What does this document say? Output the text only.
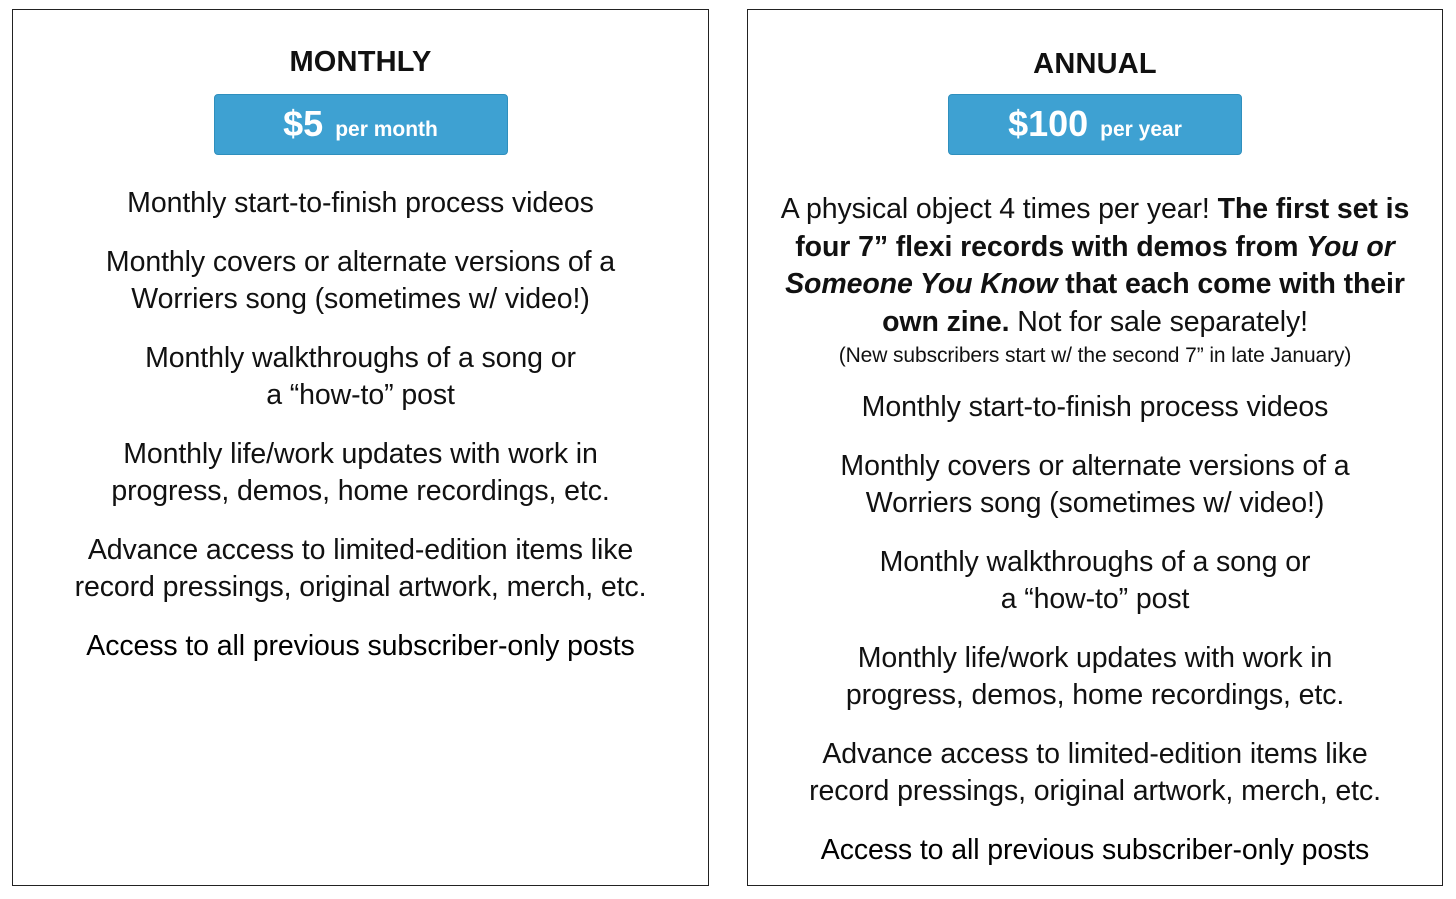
MONTHLY
$5 per month
Monthly start-to-finish process videos
Monthly covers or alternate versions of a
Worriers song (sometimes w/ video!)
Monthly walkthroughs of a song or
a “how-to” post
Monthly life/work updates with work in
progress, demos, home recordings, etc.
Advance access to limited-edition items like
record pressings, original artwork, merch, etc.
Access to all previous subscriber-only posts
ANNUAL
$100 per year
A physical object 4 times per year! The first set is four 7” flexi records with demos from You or Someone You Know that each come with their own zine. Not for sale separately!
(New subscribers start w/ the second 7” in late January)
Monthly start-to-finish process videos
Monthly covers or alternate versions of a
Worriers song (sometimes w/ video!)
Monthly walkthroughs of a song or
a “how-to” post
Monthly life/work updates with work in
progress, demos, home recordings, etc.
Advance access to limited-edition items like
record pressings, original artwork, merch, etc.
Access to all previous subscriber-only posts
